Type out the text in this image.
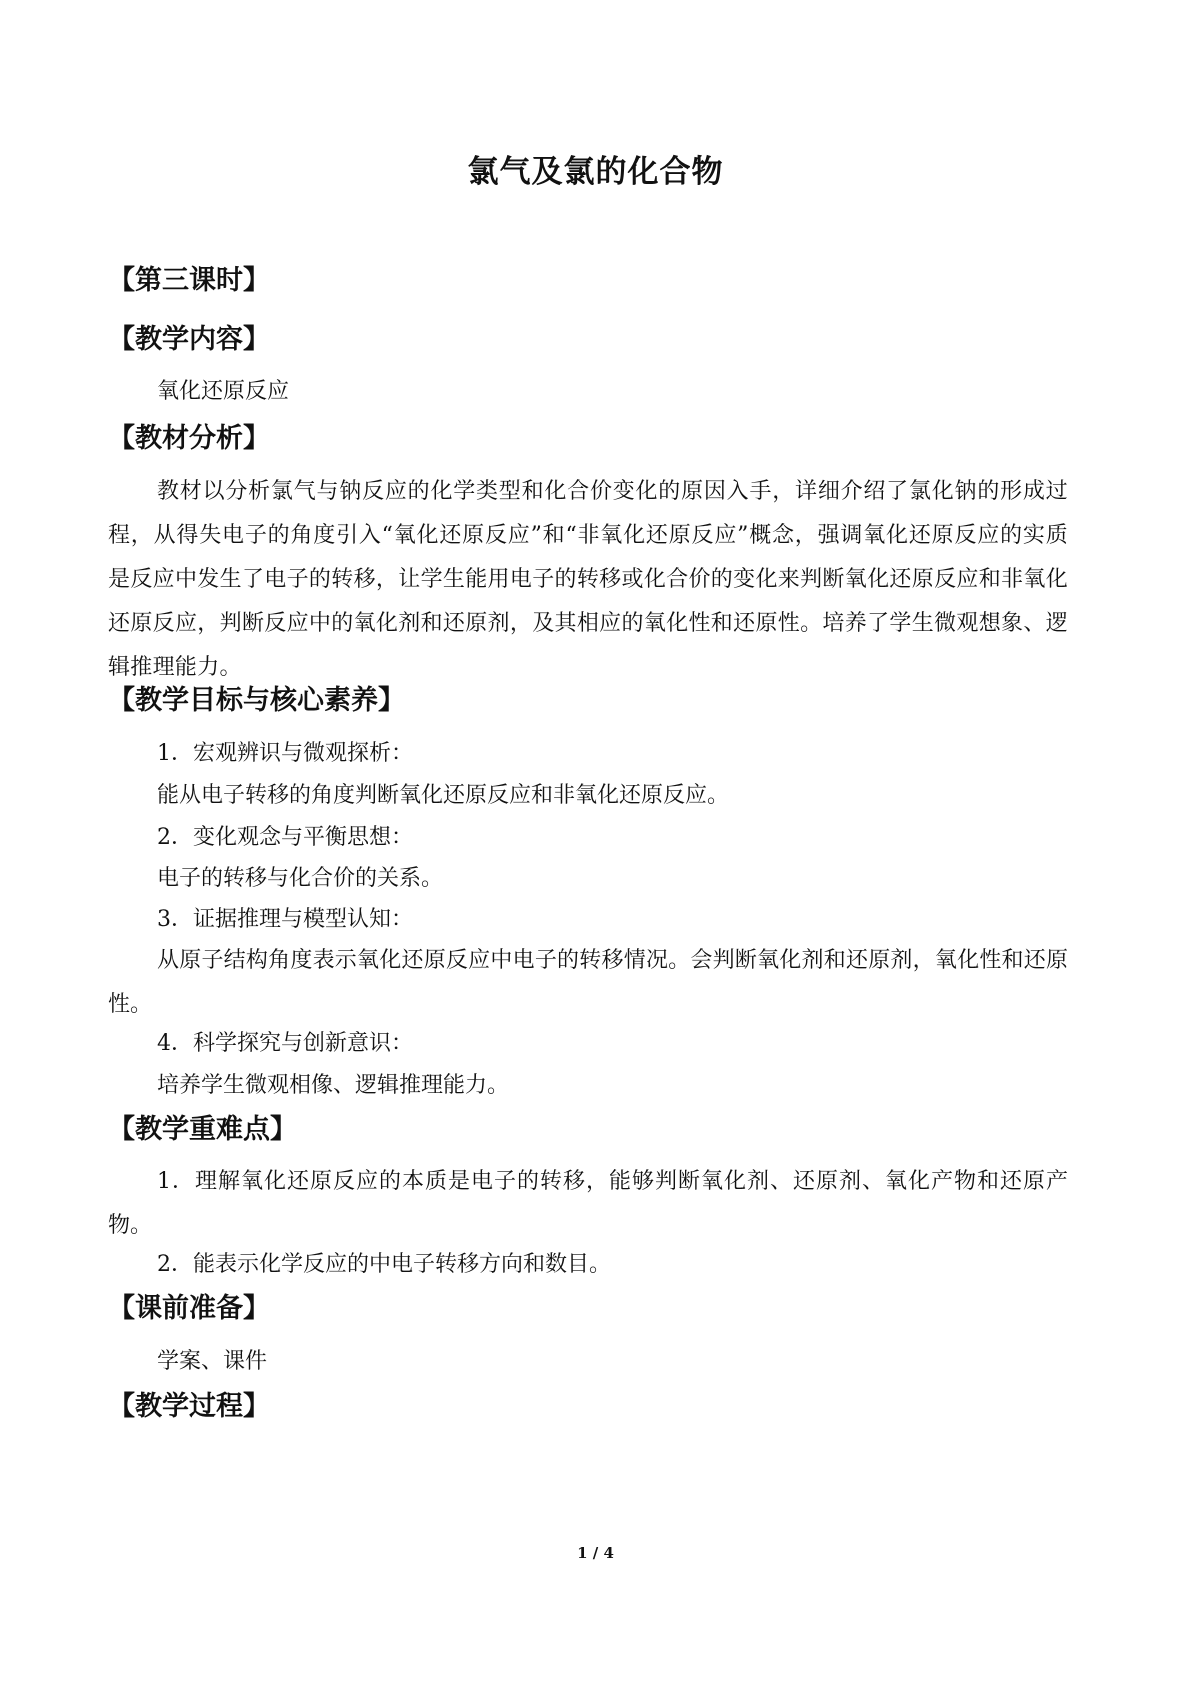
氯气及氯的化合物
【第三课时】
【教学内容】
氧化还原反应
【教材分析】
教材以分析氯气与钠反应的化学类型和化合价变化的原因入手，详细介绍了氯化钠的形成过程，从得失电子的角度引入“氧化还原反应”和“非氧化还原反应”概念，强调氧化还原反应的实质是反应中发生了电子的转移，让学生能用电子的转移或化合价的变化来判断氧化还原反应和非氧化还原反应，判断反应中的氧化剂和还原剂，及其相应的氧化性和还原性。培养了学生微观想象、逻辑推理能力。
【教学目标与核心素养】
1．宏观辨识与微观探析：
能从电子转移的角度判断氧化还原反应和非氧化还原反应。
2．变化观念与平衡思想：
电子的转移与化合价的关系。
3．证据推理与模型认知：
从原子结构角度表示氧化还原反应中电子的转移情况。会判断氧化剂和还原剂，氧化性和还原性。
4．科学探究与创新意识：
培养学生微观相像、逻辑推理能力。
【教学重难点】
1．理解氧化还原反应的本质是电子的转移，能够判断氧化剂、还原剂、氧化产物和还原产物。
2．能表示化学反应的中电子转移方向和数目。
【课前准备】
学案、课件
【教学过程】
1 / 4
